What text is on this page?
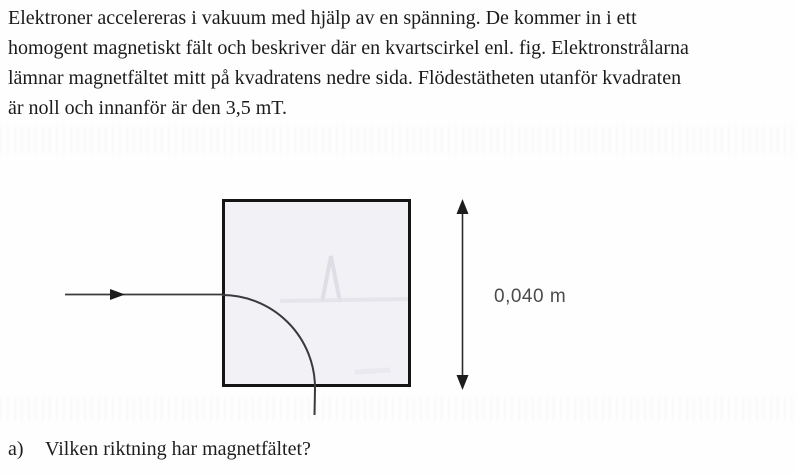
Elektroner accelereras i vakuum med hjälp av en spänning. De kommer in i ett
homogent magnetiskt fält och beskriver där en kvartscirkel enl. fig. Elektronstrålarna
lämnar magnetfältet mitt på kvadratens nedre sida. Flödestätheten utanför kvadraten
är noll och innanför är den 3,5 mT.
0,040 m
a) Vilken riktning har magnetfältet?
